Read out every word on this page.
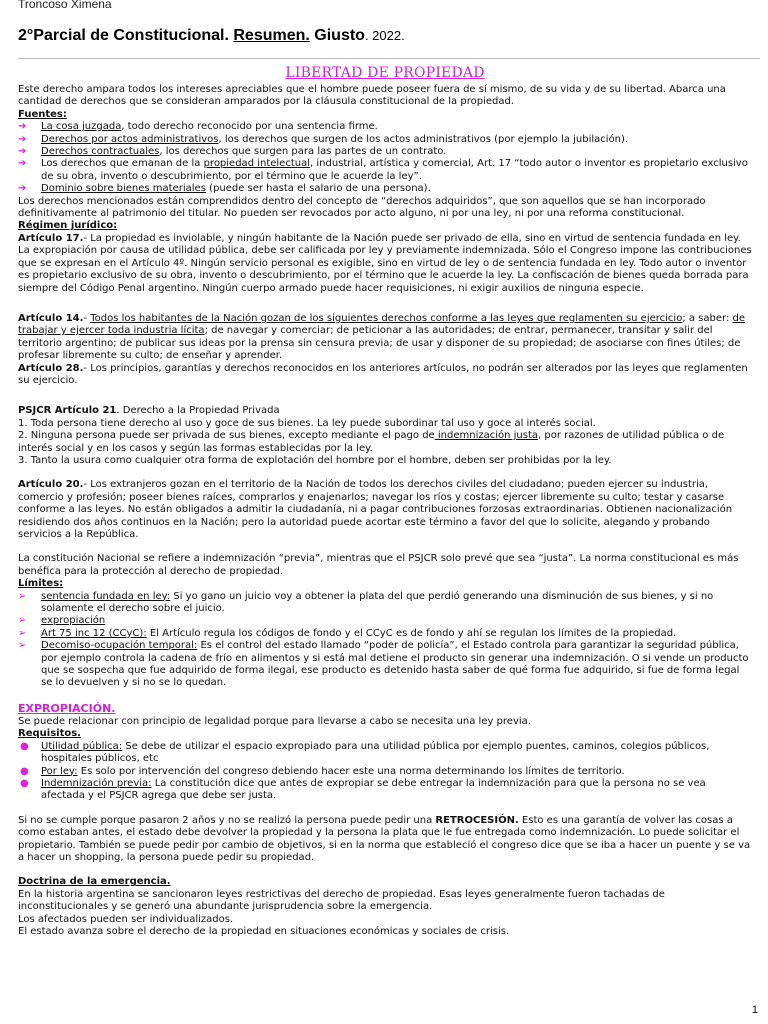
Troncoso Ximena
2°Parcial de Constitucional. Resumen. Giusto. 2022.
LIBERTAD DE PROPIEDAD

Este derecho ampara todos los intereses apreciables que el hombre puede poseer fuera de sí mismo, de su vida y de su libertad. Abarca una cantidad de derechos que se consideran amparados por la cláusula constitucional de la propiedad.

Fuentes:
➔ La cosa juzgada, todo derecho reconocido por una sentencia firme.
➔ Derechos por actos administrativos, los derechos que surgen de los actos administrativos (por ejemplo la jubilación).
➔ Derechos contractuales, los derechos que surgen para las partes de un contrato.
➔ Los derechos que emanan de la propiedad intelectual, industrial, artística y comercial, Art. 17 “todo autor o inventor es propietario exclusivo de su obra, invento o descubrimiento, por el término que le acuerde la ley”.
➔ Dominio sobre bienes materiales (puede ser hasta el salario de una persona).

Los derechos mencionados están comprendidos dentro del concepto de “derechos adquiridos”, que son aquellos que se han incorporado definitivamente al patrimonio del titular. No pueden ser revocados por acto alguno, ni por una ley, ni por una reforma constitucional.

Régimen jurídico:

Artículo 17.- La propiedad es inviolable, y ningún habitante de la Nación puede ser privado de ella, sino en virtud de sentencia fundada en ley. La expropiación por causa de utilidad pública, debe ser calificada por ley y previamente indemnizada. Sólo el Congreso impone las contribuciones que se expresan en el Artículo 4º. Ningún servicio personal es exigible, sino en virtud de ley o de sentencia fundada en ley. Todo autor o inventor es propietario exclusivo de su obra, invento o descubrimiento, por el término que le acuerde la ley. La confiscación de bienes queda borrada para siempre del Código Penal argentino. Ningún cuerpo armado puede hacer requisiciones, ni exigir auxilios de ninguna especie.

Artículo 14.- Todos los habitantes de la Nación gozan de los siguientes derechos conforme a las leyes que reglamenten su ejercicio; a saber: de trabajar y ejercer toda industria lícita; de navegar y comerciar; de peticionar a las autoridades; de entrar, permanecer, transitar y salir del territorio argentino; de publicar sus ideas por la prensa sin censura previa; de usar y disponer de su propiedad; de asociarse con fines útiles; de profesar libremente su culto; de enseñar y aprender.

Artículo 28.- Los principios, garantías y derechos reconocidos en los anteriores artículos, no podrán ser alterados por las leyes que reglamenten su ejercicio.

PSJCR Artículo 21. Derecho a la Propiedad Privada

1. Toda persona tiene derecho al uso y goce de sus bienes. La ley puede subordinar tal uso y goce al interés social.

2. Ninguna persona puede ser privada de sus bienes, excepto mediante el pago de indemnización justa, por razones de utilidad pública o de interés social y en los casos y según las formas establecidas por la ley.

3. Tanto la usura como cualquier otra forma de explotación del hombre por el hombre, deben ser prohibidas por la ley.

Artículo 20.- Los extranjeros gozan en el territorio de la Nación de todos los derechos civiles del ciudadano; pueden ejercer su industria, comercio y profesión; poseer bienes raíces, comprarlos y enajenarlos; navegar los ríos y costas; ejercer libremente su culto; testar y casarse conforme a las leyes. No están obligados a admitir la ciudadanía, ni a pagar contribuciones forzosas extraordinarias. Obtienen nacionalización residiendo dos años continuos en la Nación; pero la autoridad puede acortar este término a favor del que lo solicite, alegando y probando servicios a la República.

La constitución Nacional se refiere a indemnización “previa”, mientras que el PSJCR solo prevé que sea “justa”. La norma constitucional es más benéfica para la protección al derecho de propiedad.

Límites:
➢ sentencia fundada en ley: Si yo gano un juicio voy a obtener la plata del que perdió generando una disminución de sus bienes, y si no solamente el derecho sobre el juicio.
➢ expropiación
➢ Art 75 inc 12 (CCyC): El Artículo regula los códigos de fondo y el CCyC es de fondo y ahí se regulan los límites de la propiedad.
➢ Decomiso-ocupación temporal: Es el control del estado llamado “poder de policía”, el Estado controla para garantizar la seguridad pública, por ejemplo controla la cadena de frío en alimentos y si está mal detiene el producto sin generar una indemnización. O si vende un producto que se sospecha que fue adquirido de forma ilegal, ese producto es detenido hasta saber de qué forma fue adquirido, si fue de forma legal se lo devuelven y si no se lo quedan.
EXPROPIACIÓN.

Se puede relacionar con principio de legalidad porque para llevarse a cabo se necesita una ley previa.

Requisitos.
● Utilidad pública: Se debe de utilizar el espacio expropiado para una utilidad pública por ejemplo puentes, caminos, colegios públicos, hospitales públicos, etc
● Por ley: Es solo por intervención del congreso debiendo hacer este una norma determinando los límites de territorio.
● Indemnización previa: La constitución dice que antes de expropiar se debe entregar la indemnización para que la persona no se vea afectada y el PSJCR agrega que debe ser justa.

Si no se cumple porque pasaron 2 años y no se realizó la persona puede pedir una RETROCESIÓN. Esto es una garantía de volver las cosas a como estaban antes, el estado debe devolver la propiedad y la persona la plata que le fue entregada como indemnización. Lo puede solicitar el propietario. También se puede pedir por cambio de objetivos, si en la norma que estableció el congreso dice que se iba a hacer un puente y se va a hacer un shopping, la persona puede pedir su propiedad.

Doctrina de la emergencia.

En la historia argentina se sancionaron leyes restrictivas del derecho de propiedad. Esas leyes generalmente fueron tachadas de inconstitucionales y se generó una abundante jurisprudencia sobre la emergencia.

Los afectados pueden ser individualizados.

El estado avanza sobre el derecho de la propiedad en situaciones económicas y sociales de crisis.

1
